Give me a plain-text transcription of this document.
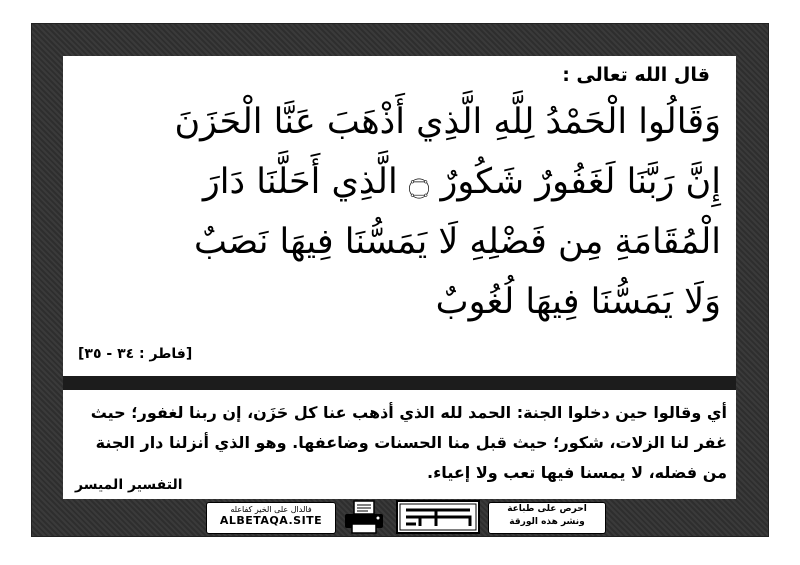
قال الله تعالى :
وَقَالُوا الْحَمْدُ لِلَّهِ الَّذِي أَذْهَبَ عَنَّا الْحَزَنَ
إِنَّ رَبَّنَا لَغَفُورٌ شَكُورٌ ۝ الَّذِي أَحَلَّنَا دَارَ
الْمُقَامَةِ مِن فَضْلِهِ لَا يَمَسُّنَا فِيهَا نَصَبٌ
وَلَا يَمَسُّنَا فِيهَا لُغُوبٌ
[فاطر : ٣٤ - ٣٥]
أي وقالوا حين دخلوا الجنة: الحمد لله الذي أذهب عنا كل حَزَن، إن ربنا لغفور؛ حيث
غفر لنا الزلات، شكور؛ حيث قبل منا الحسنات وضاعفها. وهو الذي أنزلنا دار الجنة
من فضله، لا يمسنا فيها تعب ولا إعياء.
التفسير الميسر
فالدال على الخير كفاعله
ALBETAQA.SITE
احرص على طباعة
ونشر هذه الورقة
